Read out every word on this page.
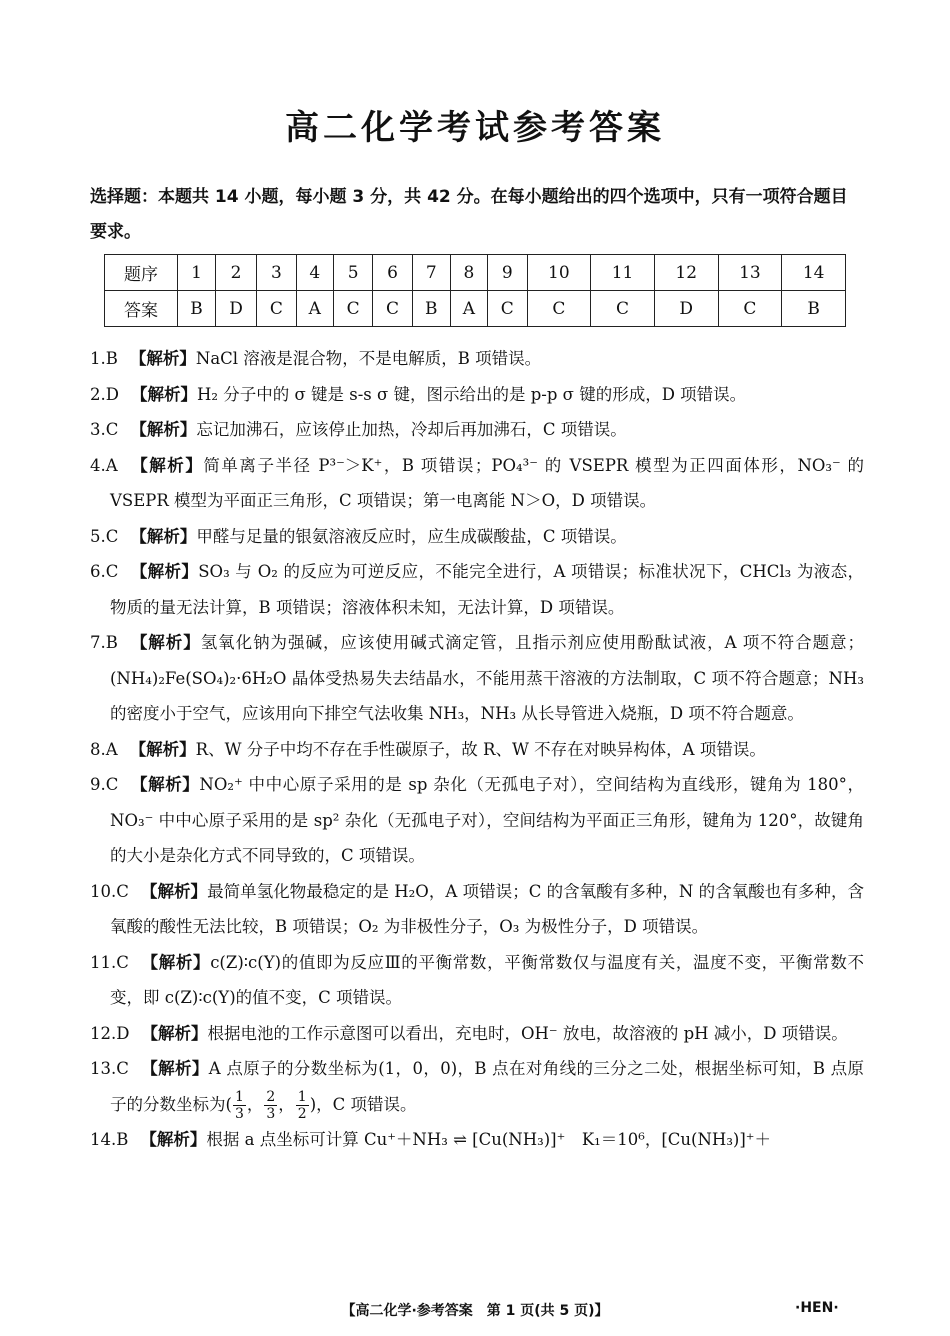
高二化学考试参考答案
选择题：本题共 14 小题，每小题 3 分，共 42 分。在每小题给出的四个选项中，只有一项符合题目要求。
题序	1	2	3	4	5	6	7	8	9	10	11	12	13	14
答案	B	D	C	A	C	C	B	A	C	C	C	D	C	B
1.B 【解析】NaCl 溶液是混合物，不是电解质，B 项错误。
2.D 【解析】H₂ 分子中的 σ 键是 s-s σ 键，图示给出的是 p-p σ 键的形成，D 项错误。
3.C 【解析】忘记加沸石，应该停止加热，冷却后再加沸石，C 项错误。
4.A 【解析】简单离子半径 P³⁻＞K⁺，B 项错误；PO₄³⁻ 的 VSEPR 模型为正四面体形，NO₃⁻ 的 VSEPR 模型为平面正三角形，C 项错误；第一电离能 N＞O，D 项错误。
5.C 【解析】甲醛与足量的银氨溶液反应时，应生成碳酸盐，C 项错误。
6.C 【解析】SO₃ 与 O₂ 的反应为可逆反应，不能完全进行，A 项错误；标准状况下，CHCl₃ 为液态，物质的量无法计算，B 项错误；溶液体积未知，无法计算，D 项错误。
7.B 【解析】氢氧化钠为强碱，应该使用碱式滴定管，且指示剂应使用酚酞试液，A 项不符合题意；(NH₄)₂Fe(SO₄)₂·6H₂O 晶体受热易失去结晶水，不能用蒸干溶液的方法制取，C 项不符合题意；NH₃ 的密度小于空气，应该用向下排空气法收集 NH₃，NH₃ 从长导管进入烧瓶，D 项不符合题意。
8.A 【解析】R、W 分子中均不存在手性碳原子，故 R、W 不存在对映异构体，A 项错误。
9.C 【解析】NO₂⁺ 中中心原子采用的是 sp 杂化（无孤电子对），空间结构为直线形，键角为 180°，NO₃⁻ 中中心原子采用的是 sp² 杂化（无孤电子对），空间结构为平面正三角形，键角为 120°，故键角的大小是杂化方式不同导致的，C 项错误。
10.C 【解析】最简单氢化物最稳定的是 H₂O，A 项错误；C 的含氧酸有多种，N 的含氧酸也有多种，含氧酸的酸性无法比较，B 项错误；O₂ 为非极性分子，O₃ 为极性分子，D 项错误。
11.C 【解析】c(Z)∶c(Y)的值即为反应Ⅲ的平衡常数，平衡常数仅与温度有关，温度不变，平衡常数不变，即 c(Z)∶c(Y)的值不变，C 项错误。
12.D 【解析】根据电池的工作示意图可以看出，充电时，OH⁻ 放电，故溶液的 pH 减小，D 项错误。
13.C 【解析】A 点原子的分数坐标为(1，0，0)，B 点在对角线的三分之二处，根据坐标可知，B 点原子的分数坐标为( $\frac{1}{3}$ ， $\frac{2}{3}$ ， $\frac{1}{2}$ )，C 项错误。
14.B 【解析】根据 a 点坐标可计算 Cu⁺＋NH₃ ⇌ [Cu(NH₃)]⁺　K₁＝10⁶，[Cu(NH₃)]⁺＋
【高二化学·参考答案　第 1 页(共 5 页)】	·HEN·
